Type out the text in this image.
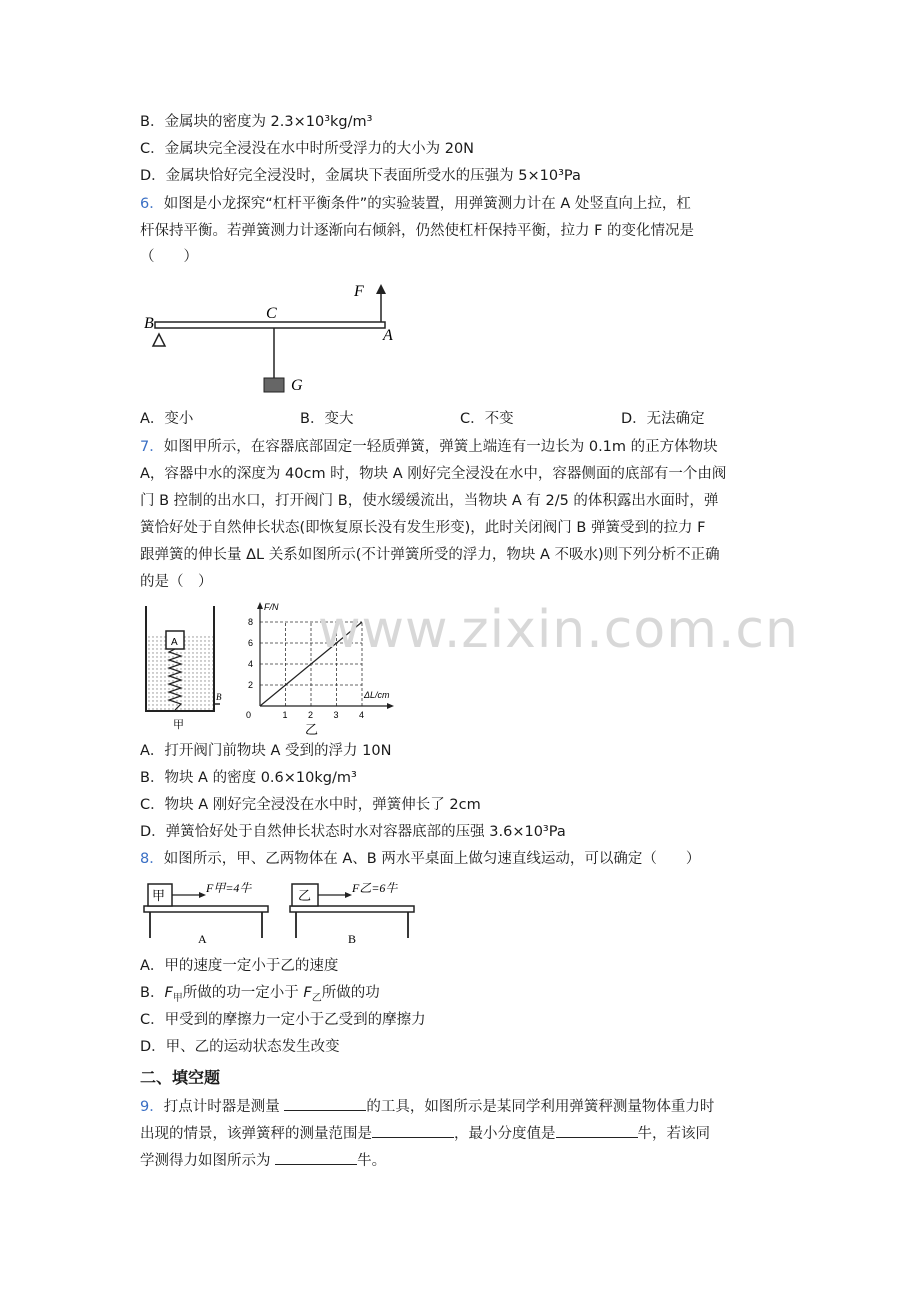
B．金属块的密度为 2.3×10³kg/m³
C．金属块完全浸没在水中时所受浮力的大小为 20N
D．金属块恰好完全浸没时，金属块下表面所受水的压强为 5×10³Pa
6．如图是小龙探究“杠杆平衡条件”的实验装置，用弹簧测力计在 A 处竖直向上拉，杠
杆保持平衡。若弹簧测力计逐渐向右倾斜，仍然使杠杆保持平衡，拉力 F 的变化情况是
（　　）
B
C
G
F
A
A．变小	B．变大	C．不变	D．无法确定
7．如图甲所示，在容器底部固定一轻质弹簧，弹簧上端连有一边长为 0.1m 的正方体物块
A，容器中水的深度为 40cm 时，物块 A 刚好完全浸没在水中，容器侧面的底部有一个由阀
门 B 控制的出水口，打开阀门 B，使水缓缓流出，当物块 A 有 2/5 的体积露出水面时，弹
簧恰好处于自然伸长状态(即恢复原长没有发生形变)，此时关闭阀门 B 弹簧受到的拉力 F
跟弹簧的伸长量 ΔL 关系如图所示(不计弹簧所受的浮力，物块 A 不吸水)则下列分析不正确
的是（　）
A
B
甲
F/N
ΔL/cm
0	1 2 3 4
2
4
6
8
乙
A．打开阀门前物块 A 受到的浮力 10N
B．物块 A 的密度 0.6×10kg/m³
C．物块 A 刚好完全浸没在水中时，弹簧伸长了 2cm
D．弹簧恰好处于自然伸长状态时水对容器底部的压强 3.6×10³Pa
www.zixin.com.cn
8．如图所示，甲、乙两物体在 A、B 两水平桌面上做匀速直线运动，可以确定（　　）
甲
F甲=4牛
A
乙
F乙=6牛
B
A．甲的速度一定小于乙的速度
B．$F_甲$所做的功一定小于 $F_乙$所做的功
C．甲受到的摩擦力一定小于乙受到的摩擦力
D．甲、乙的运动状态发生改变
二、填空题
9．打点计时器是测量	的工具，如图所示是某同学利用弹簧秤测量物体重力时
出现的情景，该弹簧秤的测量范围是	，最小分度值是	牛，若该同
学测得力如图所示为	牛。
